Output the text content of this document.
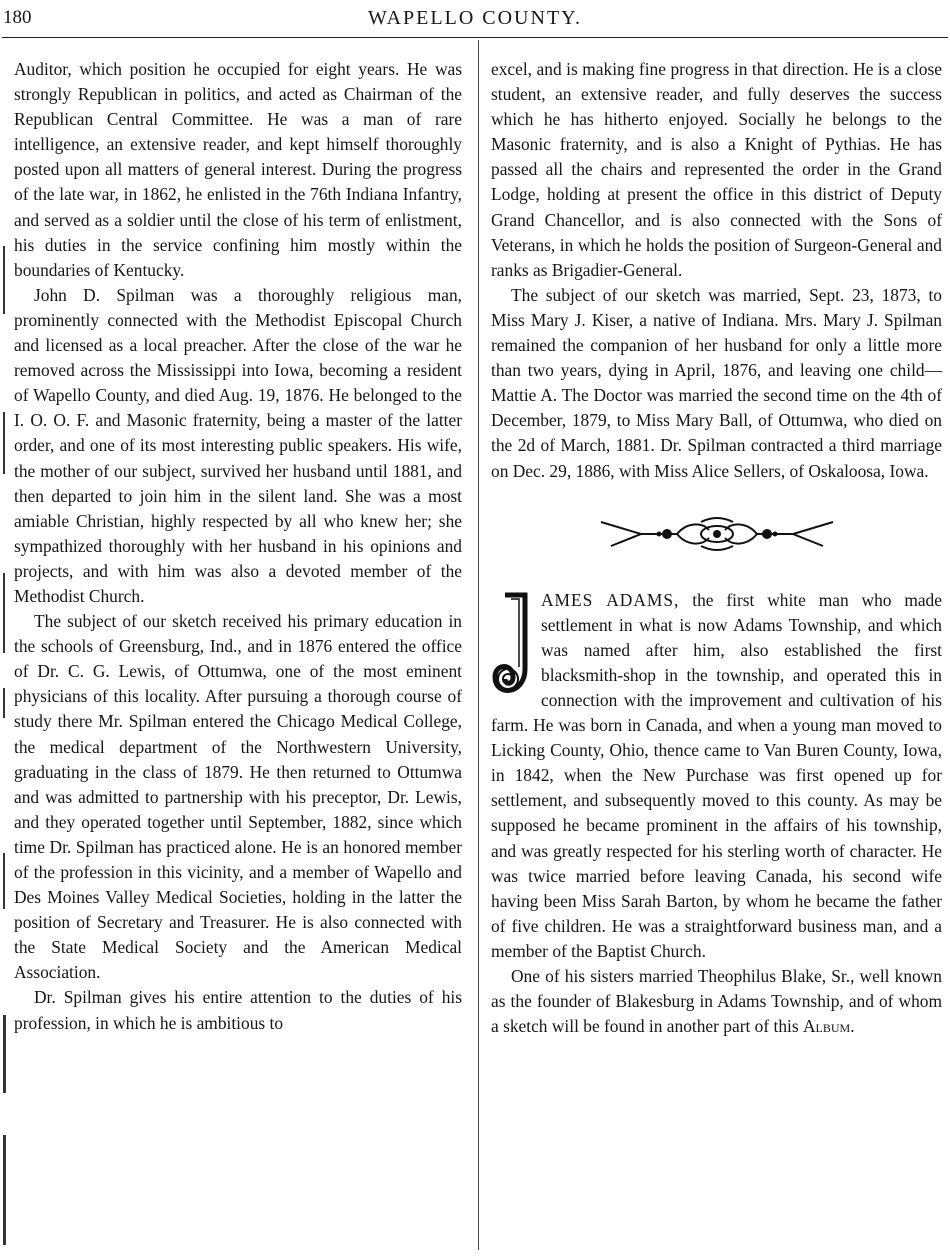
180	WAPELLO COUNTY.

Auditor, which position he occupied for eight years. He was strongly Republican in politics, and acted as Chairman of the Republican Central Committee. He was a man of rare intelligence, an extensive reader, and kept himself thoroughly posted upon all matters of general interest. During the progress of the late war, in 1862, he enlisted in the 76th Indiana Infantry, and served as a soldier until the close of his term of enlistment, his duties in the service confining him mostly within the boundaries of Kentucky.

John D. Spilman was a thoroughly religious man, prominently connected with the Methodist Episcopal Church and licensed as a local preacher. After the close of the war he removed across the Mississippi into Iowa, becoming a resident of Wapello County, and died Aug. 19, 1876. He belonged to the I. O. O. F. and Masonic fraternity, being a master of the latter order, and one of its most interesting public speakers. His wife, the mother of our subject, survived her husband until 1881, and then departed to join him in the silent land. She was a most amiable Christian, highly respected by all who knew her; she sympathized thoroughly with her husband in his opinions and projects, and with him was also a devoted member of the Methodist Church.

The subject of our sketch received his primary education in the schools of Greensburg, Ind., and in 1876 entered the office of Dr. C. G. Lewis, of Ottumwa, one of the most eminent physicians of this locality. After pursuing a thorough course of study there Mr. Spilman entered the Chicago Medical College, the medical department of the Northwestern University, graduating in the class of 1879. He then returned to Ottumwa and was admitted to partnership with his preceptor, Dr. Lewis, and they operated together until September, 1882, since which time Dr. Spilman has practiced alone. He is an honored member of the profession in this vicinity, and a member of Wapello and Des Moines Valley Medical Societies, holding in the latter the position of Secretary and Treasurer. He is also connected with the State Medical Society and the American Medical Association.

Dr. Spilman gives his entire attention to the duties of his profession, in which he is ambitious to

excel, and is making fine progress in that direction. He is a close student, an extensive reader, and fully deserves the success which he has hitherto enjoyed. Socially he belongs to the Masonic fraternity, and is also a Knight of Pythias. He has passed all the chairs and represented the order in the Grand Lodge, holding at present the office in this district of Deputy Grand Chancellor, and is also connected with the Sons of Veterans, in which he holds the position of Surgeon-General and ranks as Brigadier-General.

The subject of our sketch was married, Sept. 23, 1873, to Miss Mary J. Kiser, a native of Indiana. Mrs. Mary J. Spilman remained the companion of her husband for only a little more than two years, dying in April, 1876, and leaving one child—Mattie A. The Doctor was married the second time on the 4th of December, 1879, to Miss Mary Ball, of Ottumwa, who died on the 2d of March, 1881. Dr. Spilman contracted a third marriage on Dec. 29, 1886, with Miss Alice Sellers, of Oskaloosa, Iowa.

J	AMES ADAMS, the first white man who made settlement in what is now Adams Township, and which was named after him, also established the first blacksmith-shop in the township, and operated this in connection with the improvement and cultivation of his farm. He was born in Canada, and when a young man moved to Licking County, Ohio, thence came to Van Buren County, Iowa, in 1842, when the New Purchase was first opened up for settlement, and subsequently moved to this county. As may be supposed he became prominent in the affairs of his township, and was greatly respected for his sterling worth of character. He was twice married before leaving Canada, his second wife having been Miss Sarah Barton, by whom he became the father of five children. He was a straightforward business man, and a member of the Baptist Church.

One of his sisters married Theophilus Blake, Sr., well known as the founder of Blakesburg in Adams Township, and of whom a sketch will be found in another part of this Album.
